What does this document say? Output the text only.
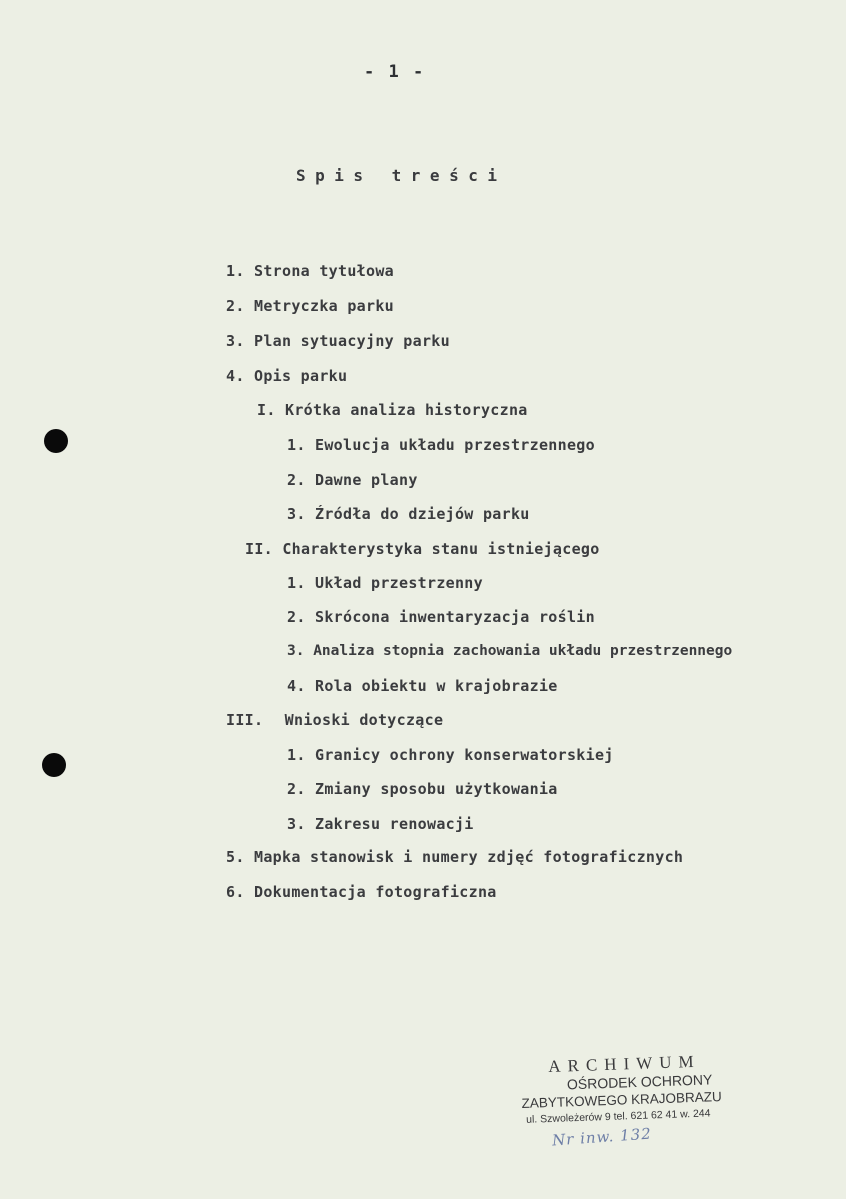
- 1 -
Spis treści
1. Strona tytułowa
2. Metryczka parku
3. Plan sytuacyjny parku
4. Opis parku
I. Krótka analiza historyczna
1. Ewolucja układu przestrzennego
2. Dawne plany
3. Źródła do dziejów parku
II. Charakterystyka stanu istniejącego
1. Układ przestrzenny
2. Skrócona inwentaryzacja roślin
3. Analiza stopnia zachowania układu przestrzennego
4. Rola obiektu w krajobrazie
III. Wnioski dotyczące
1. Granicy ochrony konserwatorskiej
2. Zmiany sposobu użytkowania
3. Zakresu renowacji
5. Mapka stanowisk i numery zdjęć fotograficznych
6. Dokumentacja fotograficzna
ARCHIWUM
OŚRODEK OCHRONY
ZABYTKOWEGO KRAJOBRAZU
ul. Szwoleżerów 9 tel. 621 62 41 w. 244
Nr inw. 132
